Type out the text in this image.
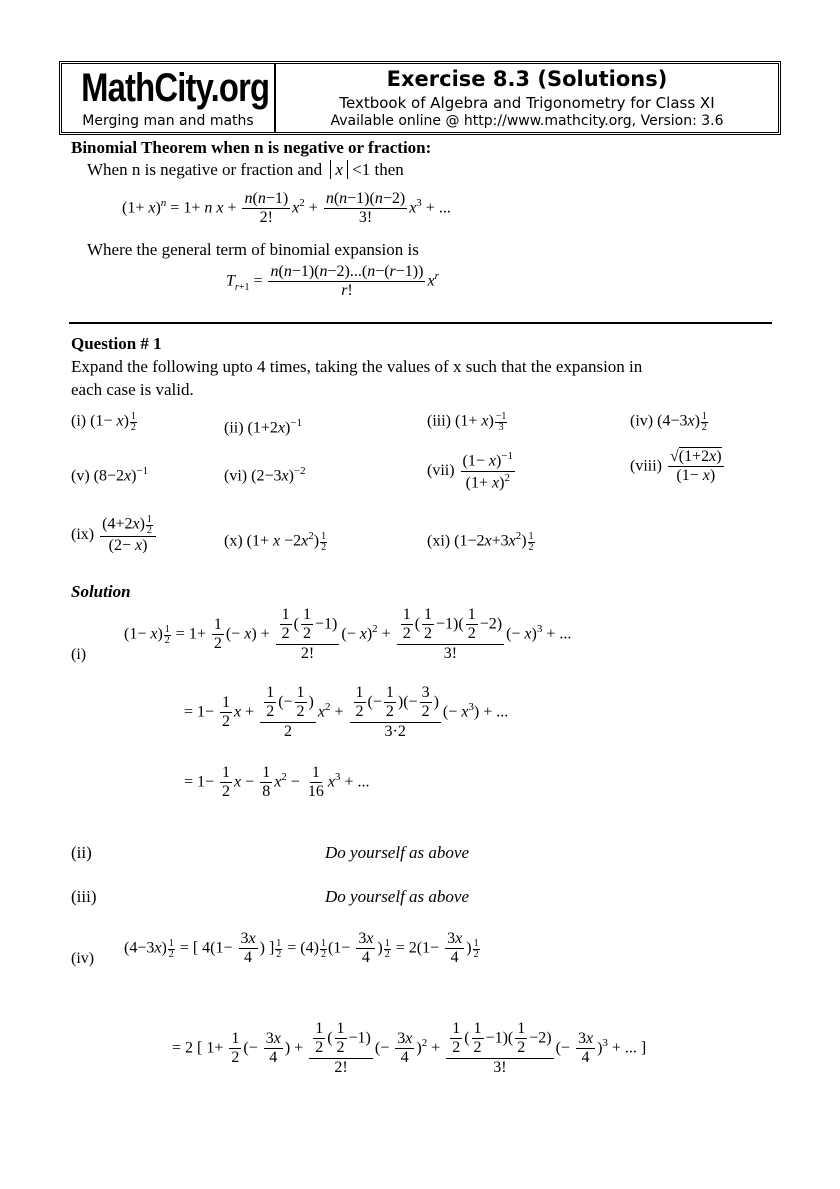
MathCity.org
Merging man and maths
Exercise 8.3 (Solutions)
Textbook of Algebra and Trigonometry for Class XI
Available online @ http://www.mathcity.org, Version: 3.6
Binomial Theorem when n is negative or fraction:
When n is negative or fraction and x <1 then
$(1+ x)^n = 1+ n$ $x + \frac{n(n-1)}{2!} x^2 + \frac{n(n-1)(n-2)}{3!} x^3$ + ...
Where the general term of binomial expansion is
$T_{r+1} = \frac{n(n-1)(n-2)...(n-(r-1))}{r!} x^r$
Question # 1
Expand the following upto 4 times, taking the values of x such that the expansion in
each case is valid.
(i) $(1- x) \frac{1}{2}$	(ii) $(1+2x)^{-1}$	(iii) $(1+ x) \frac{-1}{3}$	(iv) $(4-3x) \frac{1}{2}$
(v) $(8-2x)^{-1}$	(vi) $(2-3x)^{-2}$	$(vii) \frac{(1- x)^{-1}}{(1+ x)^2}$	(viii) $\frac{√(1+2x)}{(1- x)}$
$(ix) \frac{(4+2x) \frac{1}{2}}{(2- x)}$	(x) $(1+ x -2x^2) \frac{1}{2}$	(xi) $(1-2x+3x^2) \frac{1}{2}$
Solution
(i)
$(1- x) \frac{1}{2} = 1+ \frac{1}{2}$ (− $x) + \frac{\frac{1}{2} ( \frac{1}{2} -1)}{2!}$ (− $x)^2 + \frac{\frac{1}{2} ( \frac{1}{2} -1)( \frac{1}{2} -2)}{3!}$ (− x)$^3$ + ...
= $1- \frac{1}{2}$ $x + \frac{\frac{1}{2} (- \frac{1}{2} )}{2} x^2 + \frac{\frac{1}{2} (- \frac{1}{2} )(- \frac{3}{2} )}{3\cdot 2}$ (− $x^3$) + ...
= $1- \frac{1}{2}$ $x - \frac{1}{8} x^2 - \frac{1}{16} x^3$ + ...
(ii)	Do yourself as above
(iii)	Do yourself as above
(iv)
$(4-3x) \frac{1}{2}$ = [ $4(1- \frac{3x}{4}$ ) ] $\frac{1}{2} = (4) \frac{1}{2} (1- \frac{3x}{4}$ ) $\frac{1}{2} = 2(1- \frac{3x}{4}$ ) $\frac{1}{2}$
= 2 [ $1+ \frac{1}{2}$ (− $\frac{3x}{4}$ ) + $\frac{\frac{1}{2} ( \frac{1}{2} -1)}{2!}$ (− $\frac{3x}{4} )^2 + \frac{\frac{1}{2} ( \frac{1}{2} -1)( \frac{1}{2} -2)}{3!}$ (− $\frac{3x}{4} )^3$ + ... ]
